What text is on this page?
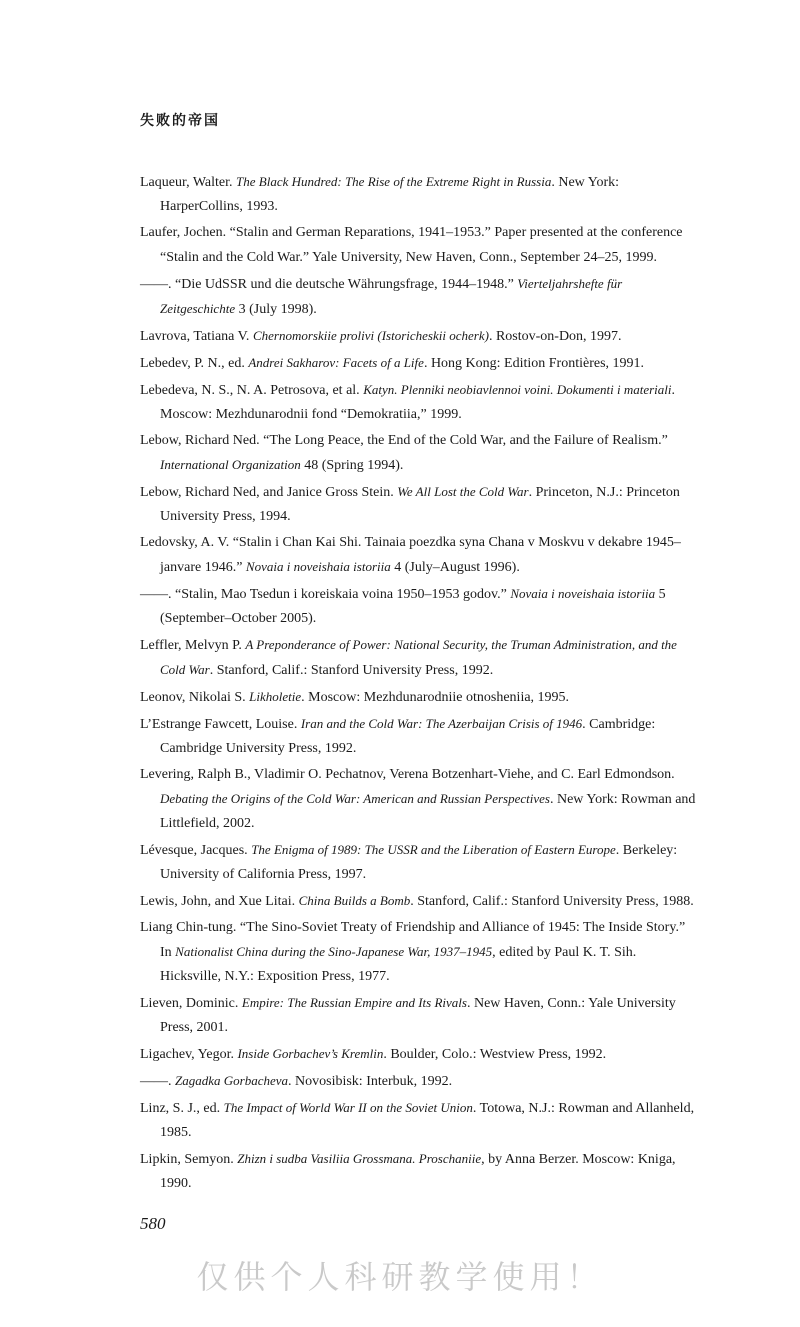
失败的帝国

Laqueur, Walter. The Black Hundred: The Rise of the Extreme Right in Russia. New York: HarperCollins, 1993.

Laufer, Jochen. “Stalin and German Reparations, 1941–1953.” Paper presented at the conference “Stalin and the Cold War.” Yale University, New Haven, Conn., September 24–25, 1999.

——. “Die UdSSR und die deutsche Währungsfrage, 1944–1948.” Vierteljahrshefte für Zeitgeschichte 3 (July 1998).

Lavrova, Tatiana V. Chernomorskiie prolivi (Istoricheskii ocherk). Rostov-on-Don, 1997.

Lebedev, P. N., ed. Andrei Sakharov: Facets of a Life. Hong Kong: Edition Frontières, 1991.

Lebedeva, N. S., N. A. Petrosova, et al. Katyn. Plenniki neobiavlennoi voini. Dokumenti i materiali. Moscow: Mezhdunarodnii fond “Demokratiia,” 1999.

Lebow, Richard Ned. “The Long Peace, the End of the Cold War, and the Failure of Realism.” International Organization 48 (Spring 1994).

Lebow, Richard Ned, and Janice Gross Stein. We All Lost the Cold War. Princeton, N.J.: Princeton University Press, 1994.

Ledovsky, A. V. “Stalin i Chan Kai Shi. Tainaia poezdka syna Chana v Moskvu v dekabre 1945–janvare 1946.” Novaia i noveishaia istoriia 4 (July–August 1996).

——. “Stalin, Mao Tsedun i koreiskaia voina 1950–1953 godov.” Novaia i noveishaia istoriia 5 (September–October 2005).

Leffler, Melvyn P. A Preponderance of Power: National Security, the Truman Administration, and the Cold War. Stanford, Calif.: Stanford University Press, 1992.

Leonov, Nikolai S. Likholetie. Moscow: Mezhdunarodniie otnosheniia, 1995.

L’Estrange Fawcett, Louise. Iran and the Cold War: The Azerbaijan Crisis of 1946. Cambridge: Cambridge University Press, 1992.

Levering, Ralph B., Vladimir O. Pechatnov, Verena Botzenhart-Viehe, and C. Earl Edmondson. Debating the Origins of the Cold War: American and Russian Perspectives. New York: Rowman and Littlefield, 2002.

Lévesque, Jacques. The Enigma of 1989: The USSR and the Liberation of Eastern Europe. Berkeley: University of California Press, 1997.

Lewis, John, and Xue Litai. China Builds a Bomb. Stanford, Calif.: Stanford University Press, 1988.

Liang Chin-tung. “The Sino-Soviet Treaty of Friendship and Alliance of 1945: The Inside Story.” In Nationalist China during the Sino-Japanese War, 1937–1945, edited by Paul K. T. Sih. Hicksville, N.Y.: Exposition Press, 1977.

Lieven, Dominic. Empire: The Russian Empire and Its Rivals. New Haven, Conn.: Yale University Press, 2001.

Ligachev, Yegor. Inside Gorbachev’s Kremlin. Boulder, Colo.: Westview Press, 1992.

——. Zagadka Gorbacheva. Novosibisk: Interbuk, 1992.

Linz, S. J., ed. The Impact of World War II on the Soviet Union. Totowa, N.J.: Rowman and Allanheld, 1985.

Lipkin, Semyon. Zhizn i sudba Vasiliia Grossmana. Proschaniie, by Anna Berzer. Moscow: Kniga, 1990.

580
仅供个人科研教学使用！
